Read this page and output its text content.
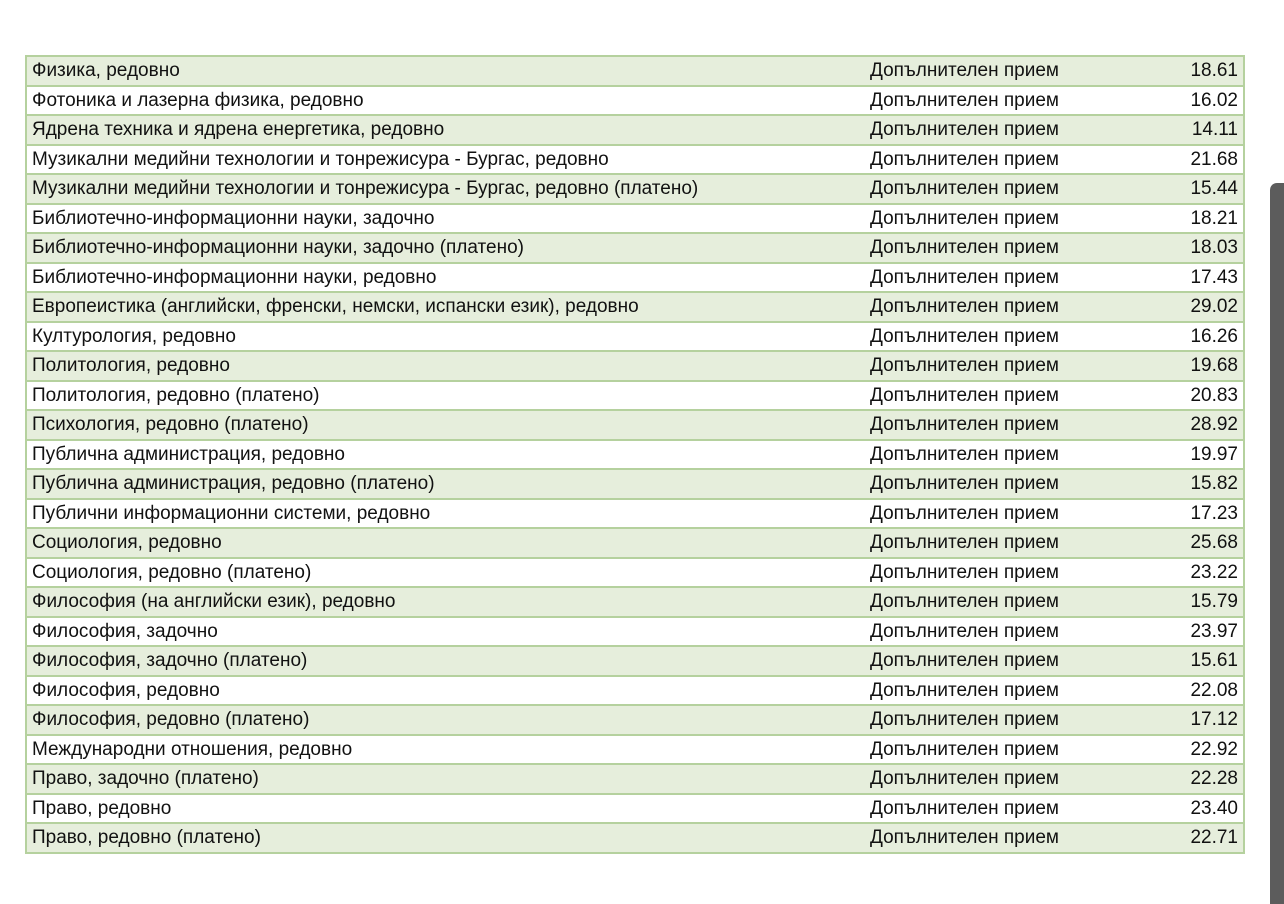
Физика, редовно	Допълнителен прием	18.61
Фотоника и лазерна физика, редовно	Допълнителен прием	16.02
Ядрена техника и ядрена енергетика, редовно	Допълнителен прием	14.11
Музикални медийни технологии и тонрежисура - Бургас, редовно	Допълнителен прием	21.68
Музикални медийни технологии и тонрежисура - Бургас, редовно (платено)	Допълнителен прием	15.44
Библиотечно-информационни науки, задочно	Допълнителен прием	18.21
Библиотечно-информационни науки, задочно (платено)	Допълнителен прием	18.03
Библиотечно-информационни науки, редовно	Допълнителен прием	17.43
Европеистика (английски, френски, немски, испански език), редовно	Допълнителен прием	29.02
Културология, редовно	Допълнителен прием	16.26
Политология, редовно	Допълнителен прием	19.68
Политология, редовно (платено)	Допълнителен прием	20.83
Психология, редовно (платено)	Допълнителен прием	28.92
Публична администрация, редовно	Допълнителен прием	19.97
Публична администрация, редовно (платено)	Допълнителен прием	15.82
Публични информационни системи, редовно	Допълнителен прием	17.23
Социология, редовно	Допълнителен прием	25.68
Социология, редовно (платено)	Допълнителен прием	23.22
Философия (на английски език), редовно	Допълнителен прием	15.79
Философия, задочно	Допълнителен прием	23.97
Философия, задочно (платено)	Допълнителен прием	15.61
Философия, редовно	Допълнителен прием	22.08
Философия, редовно (платено)	Допълнителен прием	17.12
Международни отношения, редовно	Допълнителен прием	22.92
Право, задочно (платено)	Допълнителен прием	22.28
Право, редовно	Допълнителен прием	23.40
Право, редовно (платено)	Допълнителен прием	22.71
